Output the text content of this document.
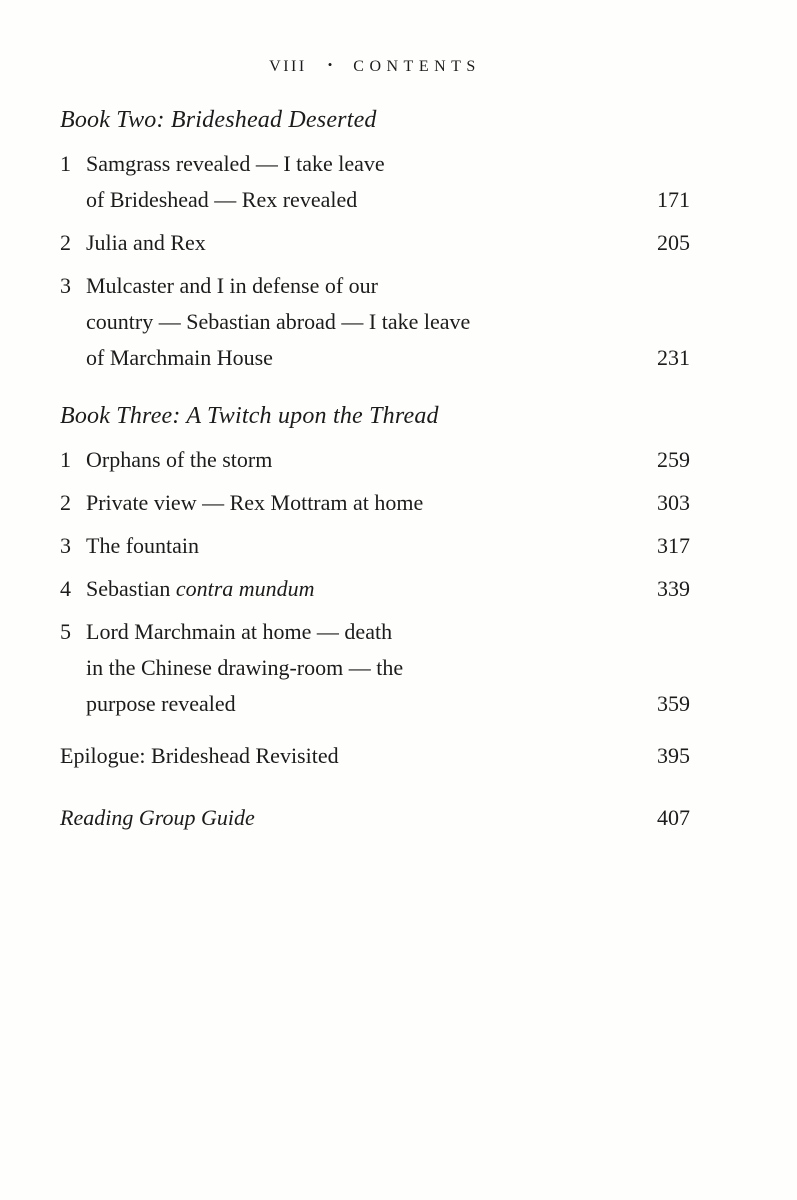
VIII • CONTENTS
Book Two: Brideshead Deserted
1 Samgrass revealed — I take leave
of Brideshead — Rex revealed	171
2 Julia and Rex	205
3 Mulcaster and I in defense of our
country — Sebastian abroad — I take leave
of Marchmain House	231
Book Three: A Twitch upon the Thread
1 Orphans of the storm	259
2 Private view — Rex Mottram at home	303
3 The fountain	317
4 Sebastian contra mundum	339
5 Lord Marchmain at home — death
in the Chinese drawing-room — the
purpose revealed	359
Epilogue: Brideshead Revisited	395
Reading Group Guide	407
